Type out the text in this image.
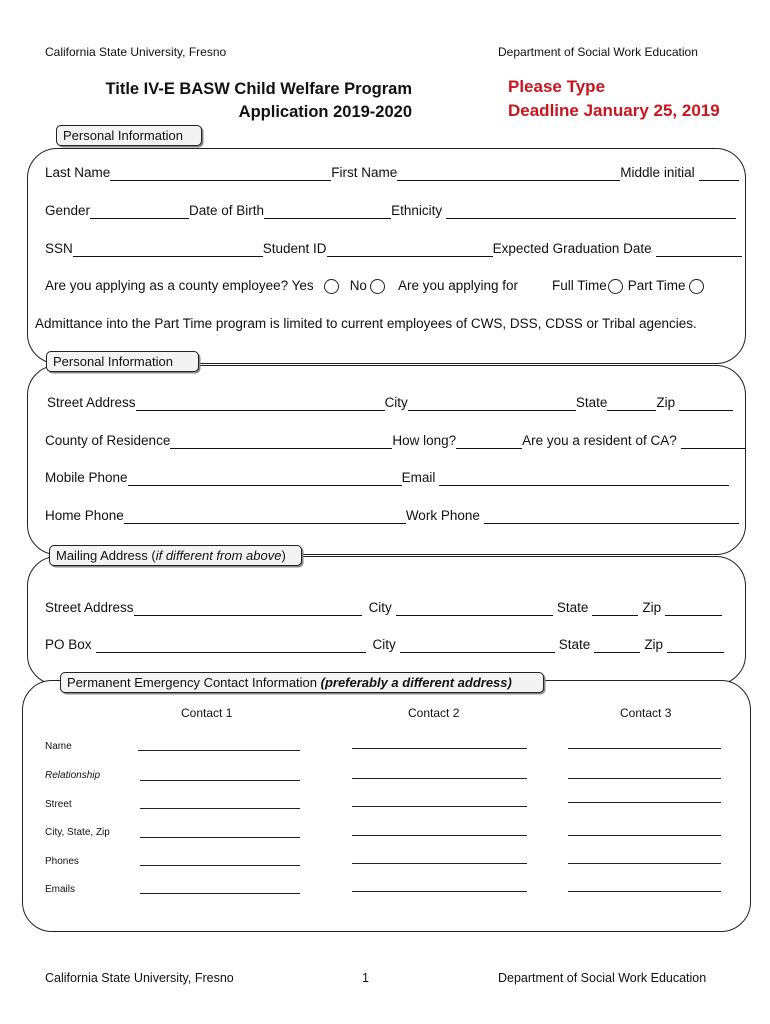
California State University, Fresno	Department of Social Work Education
Title IV-E BASW Child Welfare Program
Application 2019-2020
Please Type
Deadline January 25, 2019
Personal Information
Last Name	First Name	Middle initial
Gender	Date of Birth	Ethnicity
SSN	Student ID	Expected Graduation Date
Are you applying as a county employee? Yes	No Are you applying for	Full Time Part Time
Admittance into the Part Time program is limited to current employees of CWS, DSS, CDSS or Tribal agencies.
Personal Information
Street Address	City	State	Zip
County of Residence	How long?	Are you a resident of CA?
Mobile Phone	Email
Home Phone	Work Phone
Mailing Address (if different from above)
Street Address	City	State	Zip
PO Box	City	State	Zip
Permanent Emergency Contact Information (preferably a different address)
Contact 1	Contact 2	Contact 3
Name
Relationship
Street
City, State, Zip
Phones
Emails
California State University, Fresno	1	Department of Social Work Education
